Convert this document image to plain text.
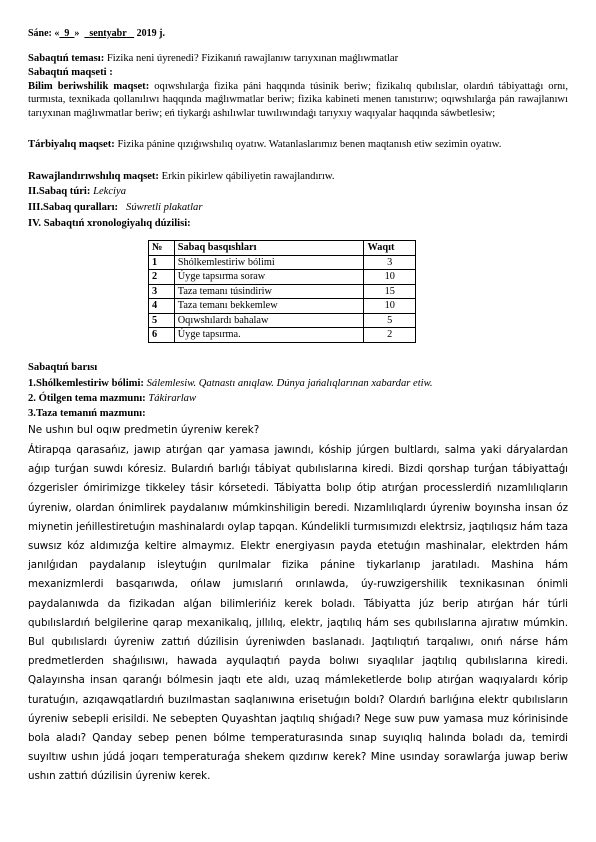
Sáne: « 9 » sentyabr 2019 j.
Sabaqtıń teması: Fizika neni úyrenedi? Fizikanıń rawajlanıw tarıyxınan maǵlıwmatlar
Sabaqtıń maqseti :
Bilim beriwshilik maqset: oqıwshılarǵa fizika páni haqqında túsinik beriw; fizikalıq qubılıslar, olardıń tábiyattaǵı ornı, turmısta, texnikada qollanılıwı haqqında maǵlıwmatlar beriw; fizika kabineti menen tanıstırıw; oqıwshılarǵa pán rawajlanıwı tarıyxınan maǵlıwmatlar beriw; eń tiykarǵı ashılıwlar tuwılıwındaǵı tarıyxıy waqıyalar haqqında sáwbetlesiw;
Tárbiyalıq maqset: Fizika pánine qızıǵıwshılıq oyatıw. Watanlaslarımız benen maqtanısh etiw sezimin oyatıw.
Rawajlandırıwshılıq maqset: Erkin pikirlew qábiliyetin rawajlandırıw.
II.Sabaq túri: Lekciya
III.Sabaq quralları: Súwretli plakatlar
IV. Sabaqtıń xronologiyalıq dúzilisi:
№	Sabaq basqıshları	Waqıt
1	Shólkemlestiriw bólimi	3
2	Úyge tapsırma soraw	10
3	Taza temanı túsindiriw	15
4	Taza temanı bekkemlew	10
5	Oqıwshılardı bahalaw	5
6	Úyge tapsırma.	2
Sabaqtıń barısı
1.Shólkemlestiriw bólimi: Sálemlesiw. Qatnastı anıqlaw. Dúnya jańalıqlarınan xabardar etiw.
2. Ótilgen tema mazmunı: Tákirarlaw
3.Taza temanıń mazmunı:
Ne ushın bul oqıw predmetin úyreniw kerek?
Átirapqa qarasańız, jawıp atırǵan qar yamasa jawındı, kóship júrgen bultlardı, salma yaki dáryalardan aǵıp turǵan suwdı kóresiz. Bulardıń barlıǵı tábiyat qubılıslarına kiredi. Bizdi qorshap turǵan tábiyattaǵı ózgerisler ómirimizge tikkeley tásir kórsetedi. Tábiyatta bolıp ótip atırǵan processlerdiń nızamlılıqların úyreniw, olardan ónimlirek paydalanıw múmkinshiligin beredi. Nızamlılıqlardı úyreniw boyınsha insan óz miynetin jeńillestiretuǵın mashinalardı oylap tapqan. Kúndelikli turmısımızdı elektrsiz, jaqtılıqsız hám taza suwsız kóz aldımızǵa keltire almaymız. Elektr energiyasın payda etetuǵın mashinalar, elektrden hám janılǵıdan paydalanıp isleytuǵın qurılmalar fizika pánine tiykarlanıp jaratıladı. Mashina hám mexanizmlerdi basqarıwda, ońlaw jumıslarıń orınlawda, úy-ruwzigershilik texnikasınan ónimli paydalanıwda da fizikadan alǵan bilimlerińiz kerek boladı. Tábiyatta júz berip atırǵan hár túrli qubılıslardıń belgilerine qarap mexanikalıq, jıllılıq, elektr, jaqtılıq hám ses qubılıslarına ajıratıw múmkin. Bul qubılıslardı úyreniw zattıń dúzilisin úyreniwden baslanadı. Jaqtılıqtıń tarqalıwı, onıń nárse hám predmetlerden shaǵılısıwı, hawada ayqulaqtıń payda bolıwı sıyaqlılar jaqtılıq qubılıslarına kiredi. Qalayınsha insan qaranǵı bólmesin jaqtı ete aldı, uzaq mámleketlerde bolıp atırǵan waqıyalardı kórip turatuǵın, azıqawqatlardıń buzılmastan saqlanıwına erisetuǵın boldı? Olardıń barlıǵına elektr qubılısların úyreniw sebepli erisildi. Ne sebepten Quyashtan jaqtılıq shıǵadı? Nege suw puw yamasa muz kórinisinde bola aladı? Qanday sebep penen bólme temperaturasında sınap suyıqlıq halında boladı da, temirdi suyıltıw ushın júdá joqarı temperaturaǵa shekem qızdırıw kerek? Mine usınday sorawlarǵa juwap beriw ushın zattıń dúzilisin úyreniw kerek.
